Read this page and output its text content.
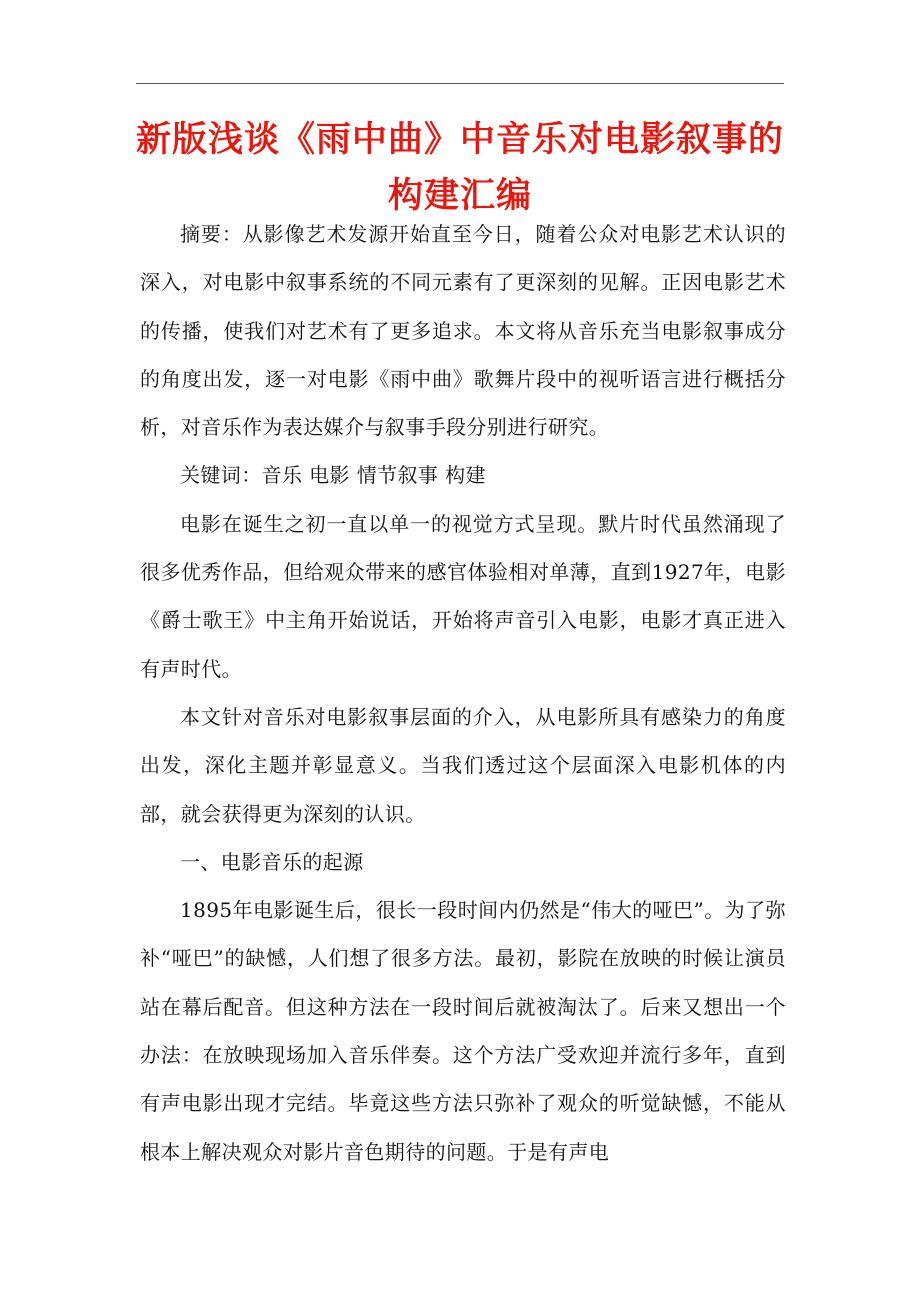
新版浅谈《雨中曲》中音乐对电影叙事的构建汇编

摘要：从影像艺术发源开始直至今日，随着公众对电影艺术认识的深入，对电影中叙事系统的不同元素有了更深刻的见解。正因电影艺术的传播，使我们对艺术有了更多追求。本文将从音乐充当电影叙事成分的角度出发，逐一对电影《雨中曲》歌舞片段中的视听语言进行概括分析，对音乐作为表达媒介与叙事手段分别进行研究。

关键词：音乐 电影 情节叙事 构建

电影在诞生之初一直以单一的视觉方式呈现。默片时代虽然涌现了很多优秀作品，但给观众带来的感官体验相对单薄，直到1927年，电影《爵士歌王》中主角开始说话，开始将声音引入电影，电影才真正进入有声时代。

本文针对音乐对电影叙事层面的介入，从电影所具有感染力的角度出发，深化主题并彰显意义。当我们透过这个层面深入电影机体的内部，就会获得更为深刻的认识。

一、电影音乐的起源

1895年电影诞生后，很长一段时间内仍然是“伟大的哑巴”。为了弥补“哑巴”的缺憾，人们想了很多方法。最初，影院在放映的时候让演员站在幕后配音。但这种方法在一段时间后就被淘汰了。后来又想出一个办法：在放映现场加入音乐伴奏。这个方法广受欢迎并流行多年，直到有声电影出现才完结。毕竟这些方法只弥补了观众的听觉缺憾，不能从根本上解决观众对影片音色期待的问题。于是有声电
